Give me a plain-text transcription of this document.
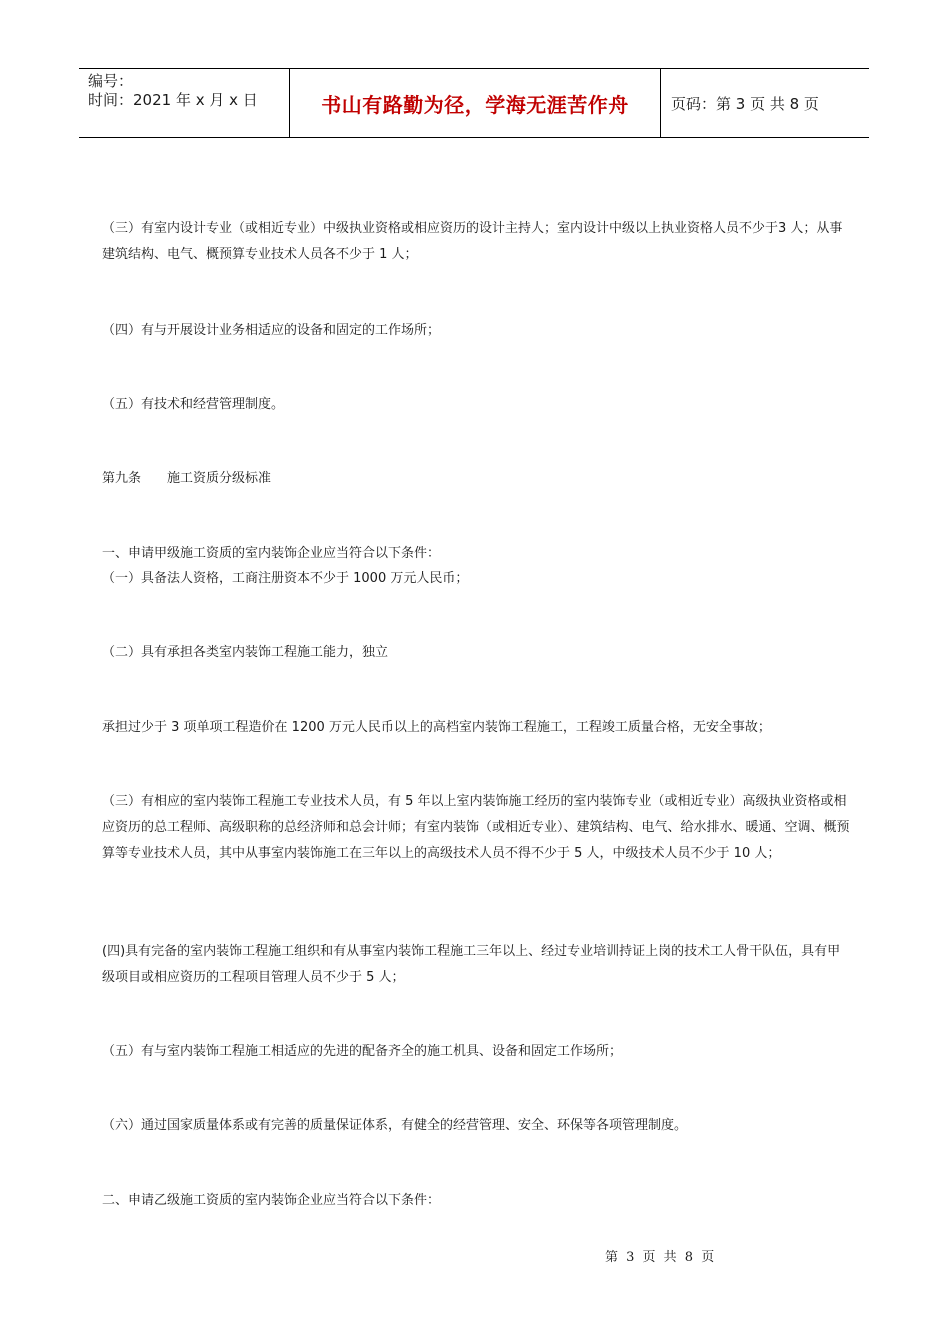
编号：
时间：2021 年 x 月 x 日	书山有路勤为径，学海无涯苦作舟	页码：第 3 页 共 8 页
（三）有室内设计专业（或相近专业）中级执业资格或相应资历的设计主持人；室内设计中级以上执业资格人员不少于3 人；从事建筑结构、电气、概预算专业技术人员各不少于 1 人；
（四）有与开展设计业务相适应的设备和固定的工作场所；
（五）有技术和经营管理制度。
第九条　　施工资质分级标准
一、申请甲级施工资质的室内装饰企业应当符合以下条件：
（一）具备法人资格，工商注册资本不少于 1000 万元人民币；
（二）具有承担各类室内装饰工程施工能力，独立
承担过少于 3 项单项工程造价在 1200 万元人民币以上的高档室内装饰工程施工，工程竣工质量合格，无安全事故；
（三）有相应的室内装饰工程施工专业技术人员，有 5 年以上室内装饰施工经历的室内装饰专业（或相近专业）高级执业资格或相应资历的总工程师、高级职称的总经济师和总会计师；有室内装饰（或相近专业）、建筑结构、电气、给水排水、暖通、空调、概预算等专业技术人员，其中从事室内装饰施工在三年以上的高级技术人员不得不少于 5 人，中级技术人员不少于 10 人；
(四)具有完备的室内装饰工程施工组织和有从事室内装饰工程施工三年以上、经过专业培训持证上岗的技术工人骨干队伍，具有甲级项目或相应资历的工程项目管理人员不少于 5 人；
（五）有与室内装饰工程施工相适应的先进的配备齐全的施工机具、设备和固定工作场所；
（六）通过国家质量体系或有完善的质量保证体系，有健全的经营管理、安全、环保等各项管理制度。
二、申请乙级施工资质的室内装饰企业应当符合以下条件：
第 3 页 共 8 页
